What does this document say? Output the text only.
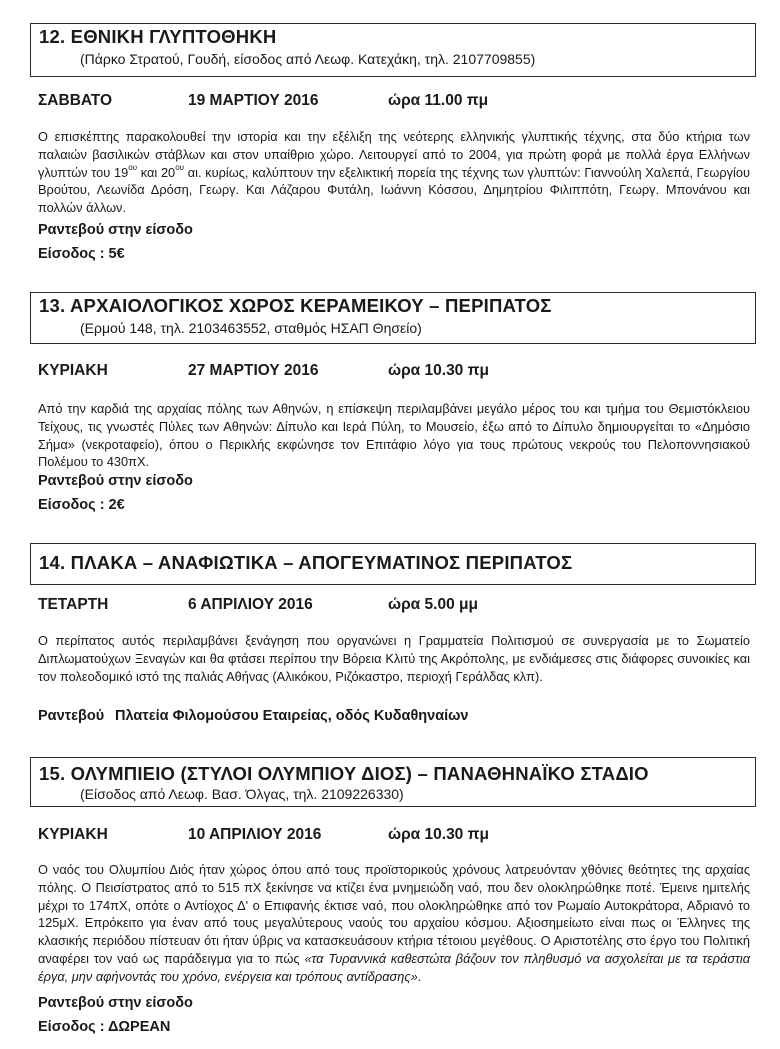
12. ΕΘΝΙΚΗ ΓΛΥΠΤΟΘΗΚΗ
(Πάρκο Στρατού, Γουδή, είσοδος από Λεωφ. Κατεχάκη, τηλ. 2107709855)
ΣΑΒΒΑΤΟ	19 ΜΑΡΤΙΟΥ 2016	ώρα 11.00 πμ
Ο επισκέπτης παρακολουθεί την ιστορία και την εξέλιξη της νεότερης ελληνικής γλυπτικής τέχνης, στα δύο κτήρια των παλαιών βασιλικών στάβλων και στον υπαίθριο χώρο. Λειτουργεί από το 2004, για πρώτη φορά με πολλά έργα Ελλήνων γλυπτών του $19^{o\upsilon}$ και $20^{o\upsilon}$ αι. κυρίως, καλύπτουν την εξελικτική πορεία της τέχνης των γλυπτών: Γιαννούλη Χαλεπά, Γεωργίου Βρούτου, Λεωνίδα Δρόση, Γεωργ. Και Λάζαρου Φυτάλη, Ιωάννη Κόσσου, Δημητρίου Φιλιππότη, Γεωργ. Μπονάνου και πολλών άλλων.
Ραντεβού στην είσοδο
Είσοδος : 5€
13. ΑΡΧΑΙΟΛΟΓΙΚΟΣ ΧΩΡΟΣ ΚΕΡΑΜΕΙΚΟΥ – ΠΕΡΙΠΑΤΟΣ
(Ερμού 148, τηλ. 2103463552, σταθμός ΗΣΑΠ Θησείο)
ΚΥΡΙΑΚΗ	27 ΜΑΡΤΙΟΥ 2016	ώρα 10.30 πμ
Από την καρδιά της αρχαίας πόλης των Αθηνών, η επίσκεψη περιλαμβάνει μεγάλο μέρος του και τμήμα του Θεμιστόκλειου Τείχους, τις γνωστές Πύλες των Αθηνών: Δίπυλο και Ιερά Πύλη, το Μουσείο, έξω από το Δίπυλο δημιουργείται το «Δημόσιο Σήμα» (νεκροταφείο), όπου ο Περικλής εκφώνησε τον Επιτάφιο λόγο για τους πρώτους νεκρούς του Πελοποννησιακού Πολέμου το 430πΧ.
Ραντεβού στην είσοδο
Είσοδος : 2€
14. ΠΛΑΚΑ – ΑΝΑΦΙΩΤΙΚΑ – ΑΠΟΓΕΥΜΑΤΙΝΟΣ ΠΕΡΙΠΑΤΟΣ
ΤΕΤΑΡΤΗ	6 ΑΠΡΙΛΙΟΥ 2016	ώρα 5.00 μμ
Ο περίπατος αυτός περιλαμβάνει ξενάγηση που οργανώνει η Γραμματεία Πολιτισμού σε συνεργασία με το Σωματείο Διπλωματούχων Ξεναγών και θα φτάσει περίπου την Βόρεια Κλιτύ της Ακρόπολης, με ενδιάμεσες στις διάφορες συνοικίες και τον πολεοδομικό ιστό της παλιάς Αθήνας (Αλικόκου, Ριζόκαστρο, περιοχή Γεράλδας κλπ).
Ραντεβού Πλατεία Φιλομούσου Εταιρείας, οδός Κυδαθηναίων
15. ΟΛΥΜΠΙΕΙΟ (ΣΤΥΛΟΙ ΟΛΥΜΠΙΟΥ ΔΙΟΣ) – ΠΑΝΑΘΗΝΑΪΚΟ ΣΤΑΔΙΟ
(Είσοδος από Λεωφ. Βασ. Όλγας, τηλ. 2109226330)
ΚΥΡΙΑΚΗ	10 ΑΠΡΙΛΙΟΥ 2016	ώρα 10.30 πμ
Ο ναός του Ολυμπίου Διός ήταν χώρος όπου από τους προϊστορικούς χρόνους λατρευόνταν χθόνιες θεότητες της αρχαίας πόλης. Ο Πεισίστρατος από το 515 πΧ ξεκίνησε να κτίζει ένα μνημειώδη ναό, που δεν ολοκληρώθηκε ποτέ. Έμεινε ημιτελής μέχρι το 174πΧ, οπότε ο Αντίοχος Δ' ο Επιφανής έκτισε ναό, που ολοκληρώθηκε από τον Ρωμαίο Αυτοκράτορα, Αδριανό το 125μΧ. Επρόκειτο για έναν από τους μεγαλύτερους ναούς του αρχαίου κόσμου. Αξιοσημείωτο είναι πως οι Έλληνες της κλασικής περιόδου πίστευαν ότι ήταν ύβρις να κατασκευάσουν κτήρια τέτοιου μεγέθους. Ο Αριστοτέλης στο έργο του Πολιτική αναφέρει τον ναό ως παράδειγμα για το πώς «τα Τυραννικά καθεστώτα βάζουν τον πληθυσμό να ασχολείται με τα τεράστια έργα, μην αφήνοντάς του χρόνο, ενέργεια και τρόπους αντίδρασης».
Ραντεβού στην είσοδο
Είσοδος : ΔΩΡΕΑΝ
